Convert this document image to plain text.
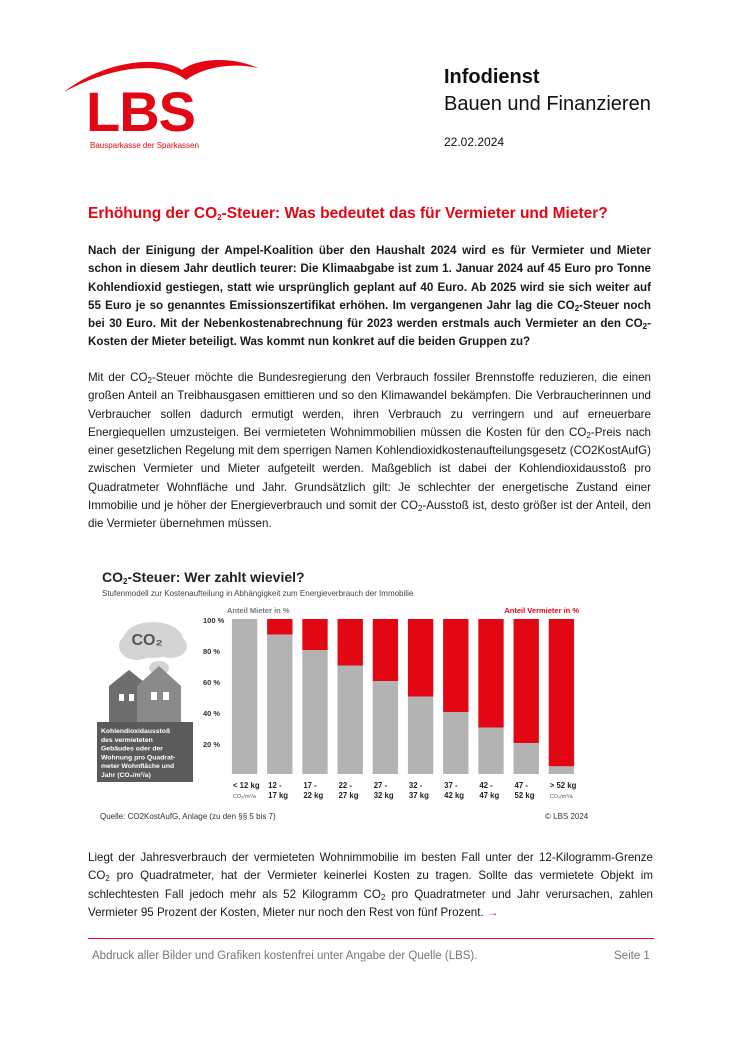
LBS
Bausparkasse der Sparkassen
Infodienst
Bauen und Finanzieren
22.02.2024
Erhöhung der $CO_2$-Steuer: Was bedeutet das für Vermieter und Mieter?
Nach der Einigung der Ampel-Koalition über den Haushalt 2024 wird es für Vermieter und Mieter schon in diesem Jahr deutlich teurer: Die Klimaabgabe ist zum 1. Januar 2024 auf 45 Euro pro Tonne Kohlendioxid gestiegen, statt wie ursprünglich geplant auf 40 Euro. Ab 2025 wird sie sich weiter auf 55 Euro je so genanntes Emissionszertifikat erhöhen. Im vergangenen Jahr lag die $CO_2$-Steuer noch bei 30 Euro. Mit der Nebenkostenabrechnung für 2023 werden erstmals auch Vermieter an den $CO_2$-Kosten der Mieter beteiligt. Was kommt nun konkret auf die beiden Gruppen zu?
Mit der $CO_2$-Steuer möchte die Bundesregierung den Verbrauch fossiler Brennstoffe reduzieren, die einen großen Anteil an Treibhausgasen emittieren und so den Klimawandel bekämpfen. Die Verbraucherinnen und Verbraucher sollen dadurch ermutigt werden, ihren Verbrauch zu verringern und auf erneuerbare Energiequellen umzusteigen. Bei vermieteten Wohnimmobilien müssen die Kosten für den $CO_2$-Preis nach einer gesetzlichen Regelung mit dem sperrigen Namen Kohlendioxidkostenaufteilungsgesetz (CO2KostAufG) zwischen Vermieter und Mieter aufgeteilt werden. Maßgeblich ist dabei der Kohlendioxidausstoß pro Quadratmeter Wohnfläche und Jahr. Grundsätzlich gilt: Je schlechter der energetische Zustand einer Immobilie und je höher der Energieverbrauch und somit der $CO_2$-Ausstoß ist, desto größer ist der Anteil, den die Vermieter übernehmen müssen.
$CO_2$-Steuer: Wer zahlt wieviel?
Stufenmodell zur Kostenaufteilung in Abhängigkeit zum Energieverbrauch der Immobilie
CO₂
Kohlendioxidausstoß
des vermieteten
Gebäudes oder der
Wohnung pro Quadrat-
meter Wohnfläche und
Jahr (CO₂/m²/a)
100 %
80 %
60 %
40 %
20 %
Anteil Mieter in %	Anteil Vermieter in %
< 12 kg
CO₂/m²/a
12 -
17 kg
17 -
22 kg
22 -
27 kg
27 -
32 kg
32 -
37 kg
37 -
42 kg
42 -
47 kg
47 -
52 kg
> 52 kg
CO₂/m²/a
Quelle: CO2KostAufG, Anlage (zu den §§ 5 bis 7)	© LBS 2024
Liegt der Jahresverbrauch der vermieteten Wohnimmobilie im besten Fall unter der 12-Kilogramm-Grenze $CO_2$ pro Quadratmeter, hat der Vermieter keinerlei Kosten zu tragen. Sollte das vermietete Objekt im schlechtesten Fall jedoch mehr als 52 Kilogramm $CO_2$ pro Quadratmeter und Jahr verursachen, zahlen Vermieter 95 Prozent der Kosten, Mieter nur noch den Rest von fünf Prozent. →
Abdruck aller Bilder und Grafiken kostenfrei unter Angabe der Quelle (LBS).	Seite 1
